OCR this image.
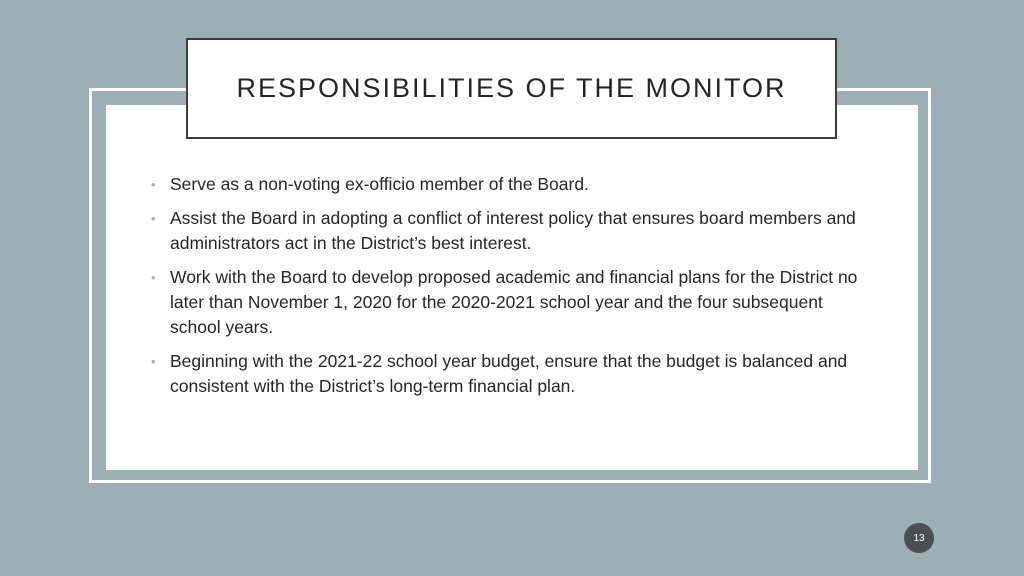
RESPONSIBILITIES OF THE MONITOR
• Serve as a non-voting ex-officio member of the Board.
• Assist the Board in adopting a conflict of interest policy that ensures board members and administrators act in the District’s best interest.
• Work with the Board to develop proposed academic and financial plans for the District no later than November 1, 2020 for the 2020-2021 school year and the four subsequent school years.
• Beginning with the 2021-22 school year budget, ensure that the budget is balanced and consistent with the District’s long-term financial plan.
13
